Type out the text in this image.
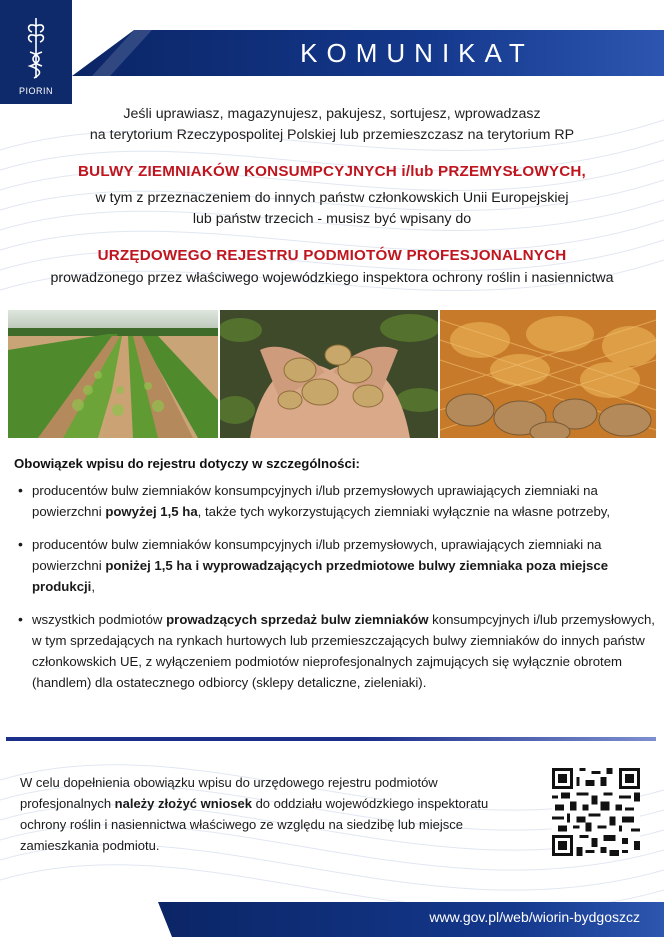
PIORIN
KOMUNIKAT
Jeśli uprawiasz, magazynujesz, pakujesz, sortujesz, wprowadzasz
na terytorium Rzeczypospolitej Polskiej lub przemieszczasz na terytorium RP
BULWY ZIEMNIAKÓW KONSUMPCYJNYCH i/lub PRZEMYSŁOWYCH,
w tym z przeznaczeniem do innych państw członkowskich Unii Europejskiej
lub państw trzecich - musisz być wpisany do
URZĘDOWEGO REJESTRU PODMIOTÓW PROFESJONALNYCH
prowadzonego przez właściwego wojewódzkiego inspektora ochrony roślin i nasiennictwa
Obowiązek wpisu do rejestru dotyczy w szczególności:
• producentów bulw ziemniaków konsumpcyjnych i/lub przemysłowych uprawiających ziemniaki na powierzchni powyżej 1,5 ha, także tych wykorzystujących ziemniaki wyłącznie na własne potrzeby,
• producentów bulw ziemniaków konsumpcyjnych i/lub przemysłowych, uprawiających ziemniaki na powierzchni poniżej 1,5 ha i wyprowadzających przedmiotowe bulwy ziemniaka poza miejsce produkcji,
• wszystkich podmiotów prowadzących sprzedaż bulw ziemniaków konsumpcyjnych i/lub przemysłowych, w tym sprzedających na rynkach hurtowych lub przemieszczających bulwy ziemniaków do innych państw członkowskich UE, z wyłączeniem podmiotów nieprofesjonalnych zajmujących się wyłącznie obrotem (handlem) dla ostatecznego odbiorcy (sklepy detaliczne, zieleniaki).
W celu dopełnienia obowiązku wpisu do urzędowego rejestru podmiotów profesjonalnych należy złożyć wniosek do oddziału wojewódzkiego inspektoratu ochrony roślin i nasiennictwa właściwego ze względu na siedzibę lub miejsce zamieszkania podmiotu.
www.gov.pl/web/wiorin-bydgoszcz
